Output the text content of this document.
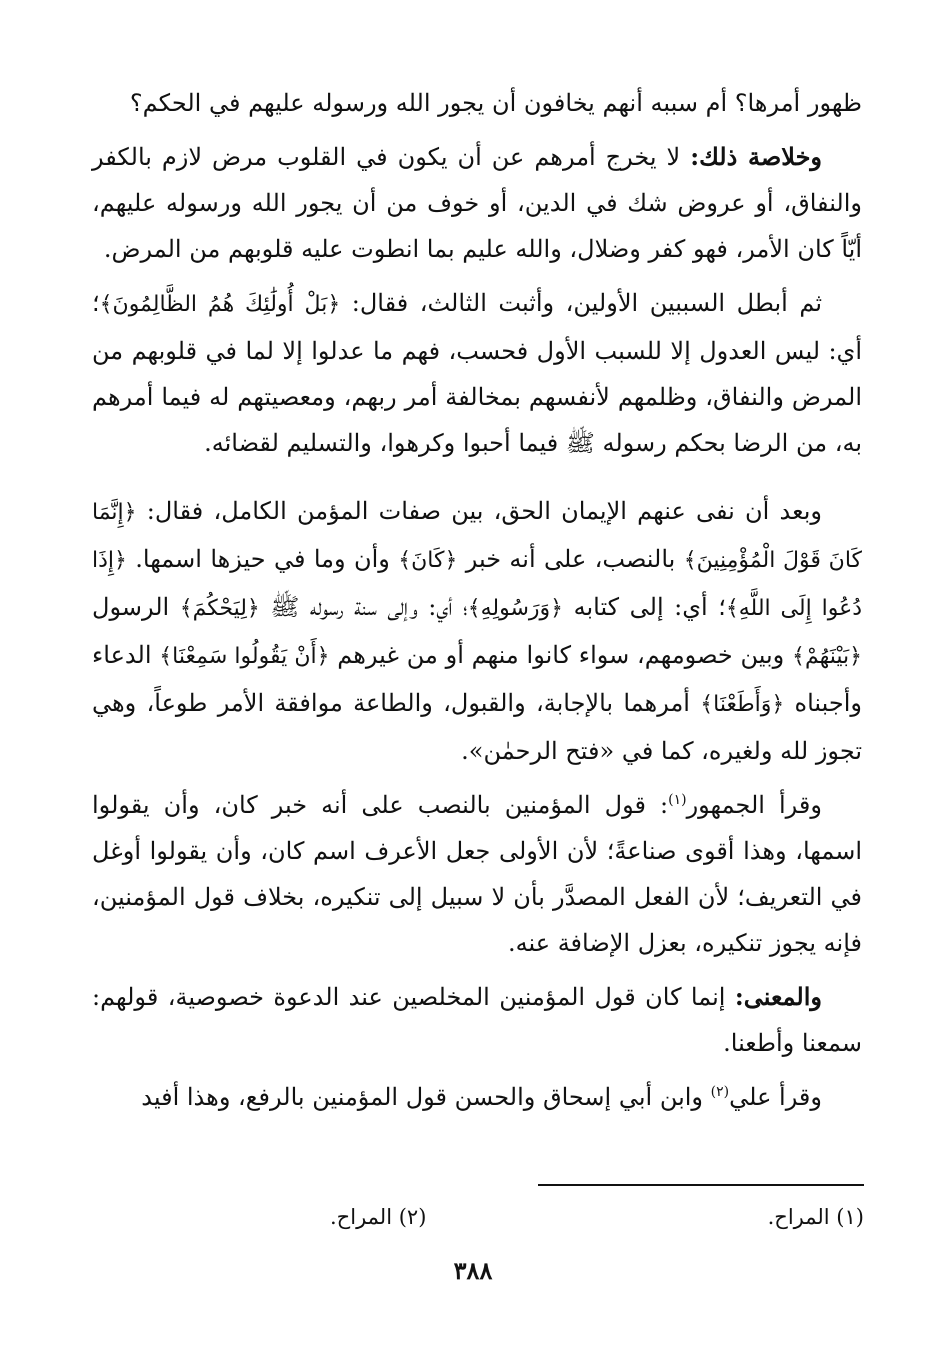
ظهور أمرها؟ أم سببه أنهم يخافون أن يجور الله ورسوله عليهم في الحكم؟

وخلاصة ذلك: لا يخرج أمرهم عن أن يكون في القلوب مرض لازم بالكفر والنفاق، أو عروض شك في الدين، أو خوف من أن يجور الله ورسوله عليهم، أيّاً كان الأمر، فهو كفر وضلال، والله عليم بما انطوت عليه قلوبهم من المرض.

ثم أبطل السببين الأولين، وأثبت الثالث، فقال: ﴿بَلْ أُولَٰئِكَ هُمُ الظَّالِمُونَ﴾؛ أي: ليس العدول إلا للسبب الأول فحسب، فهم ما عدلوا إلا لما في قلوبهم من المرض والنفاق، وظلمهم لأنفسهم بمخالفة أمر ربهم، ومعصيتهم له فيما أمرهم به، من الرضا بحكم رسوله ﷺ فيما أحبوا وكرهوا، والتسليم لقضائه.

وبعد أن نفى عنهم الإيمان الحق، بين صفات المؤمن الكامل، فقال: ﴿إِنَّمَا كَانَ قَوْلَ الْمُؤْمِنِينَ﴾ بالنصب، على أنه خبر ﴿كَانَ﴾ وأن وما في حيزها اسمها. ﴿إِذَا دُعُوا إِلَى اللَّهِ﴾؛ أي: إلى كتابه ﴿وَرَسُولِهِ﴾؛ أي: وإلى سنة رسوله ﷺ ﴿لِيَحْكُمَ﴾ الرسول ﴿بَيْنَهُمْ﴾ وبين خصومهم، سواء كانوا منهم أو من غيرهم ﴿أَنْ يَقُولُوا سَمِعْنَا﴾ الدعاء وأجبناه ﴿وَأَطَعْنَا﴾ أمرهما بالإجابة، والقبول، والطاعة موافقة الأمر طوعاً، وهي تجوز لله ولغيره، كما في «فتح الرحمٰن».

وقرأ الجمهور$^{(١)}$: قول المؤمنين بالنصب على أنه خبر كان، وأن يقولوا اسمها، وهذا أقوى صناعةً؛ لأن الأولى جعل الأعرف اسم كان، وأن يقولوا أوغل في التعريف؛ لأن الفعل المصدَّر بأن لا سبيل إلى تنكيره، بخلاف قول المؤمنين، فإنه يجوز تنكيره، بعزل الإضافة عنه.

والمعنى: إنما كان قول المؤمنين المخلصين عند الدعوة خصوصية، قولهم: سمعنا وأطعنا.

وقرأ علي$^{(٢)}$ وابن أبي إسحاق والحسن قول المؤمنين بالرفع، وهذا أفيد

(١) المراح.
(٢) المراح.
٣٨٨
